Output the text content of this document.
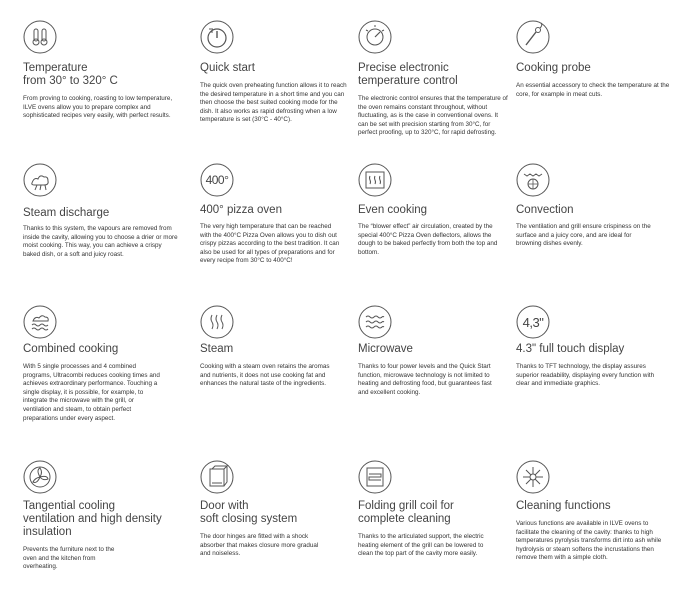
Temperature
from 30° to 320° C
From proving to cooking, roasting to low temperature, ILVE ovens allow you to prepare complex and sophisticated recipes very easily, with perfect results.
Quick start
The quick oven preheating function allows it to reach the desired temperature in a short time and you can then choose the best suited cooking mode for the dish. It also works as rapid defrosting when a low temperature is set (30°C - 40°C).
Precise electronic
temperature control
The electronic control ensures that the temperature of the oven remains constant throughout, without fluctuating, as is the case in conventional ovens. It can be set with precision starting from 30°C, for perfect proofing, up to 320°C, for rapid defrosting.
Cooking probe
An essential accessory to check the temperature at the core, for example in meat cuts.
Steam discharge
Thanks to this system, the vapours are removed from inside the cavity, allowing you to choose a drier or more moist cooking. This way, you can achieve a crispy baked dish, or a soft and juicy roast.
400°
400° pizza oven
The very high temperature that can be reached with the 400°C Pizza Oven allows you to dish out crispy pizzas according to the best tradition. It can also be used for all types of preparations and for every recipe from 30°C to 400°C!
Even cooking
The “blower effect” air circulation, created by the special 400°C Pizza Oven deflectors, allows the dough to be baked perfectly from both the top and bottom.
Convection
The ventilation and grill ensure crispiness on the surface and a juicy core, and are ideal for browning dishes evenly.
Combined cooking
With 5 single processes and 4 combined programs, Ultracombi reduces cooking times and achieves extraordinary performance. Touching a single display, it is possible, for example, to integrate the microwave with the grill, or ventilation and steam, to obtain perfect preparations under every aspect.
Steam
Cooking with a steam oven retains the aromas and nutrients, it does not use cooking fat and enhances the natural taste of the ingredients.
Microwave
Thanks to four power levels and the Quick Start function, microwave technology is not limited to heating and defrosting food, but guarantees fast and excellent cooking.
4,3"
4.3" full touch display
Thanks to TFT technology, the display assures superior readability, displaying every function with clear and immediate graphics.
Tangential cooling
ventilation and high density
insulation
Prevents the furniture next to the oven and the kitchen from overheating.
Door with
soft closing system
The door hinges are fitted with a shock absorber that makes closure more gradual and noiseless.
Folding grill coil for
complete cleaning
Thanks to the articulated support, the electric heating element of the grill can be lowered to clean the top part of the cavity more easily.
Cleaning functions
Various functions are available in ILVE ovens to facilitate the cleaning of the cavity: thanks to high temperatures pyrolysis transforms dirt into ash while hydrolysis or steam softens the incrustations then remove them with a simple cloth.
